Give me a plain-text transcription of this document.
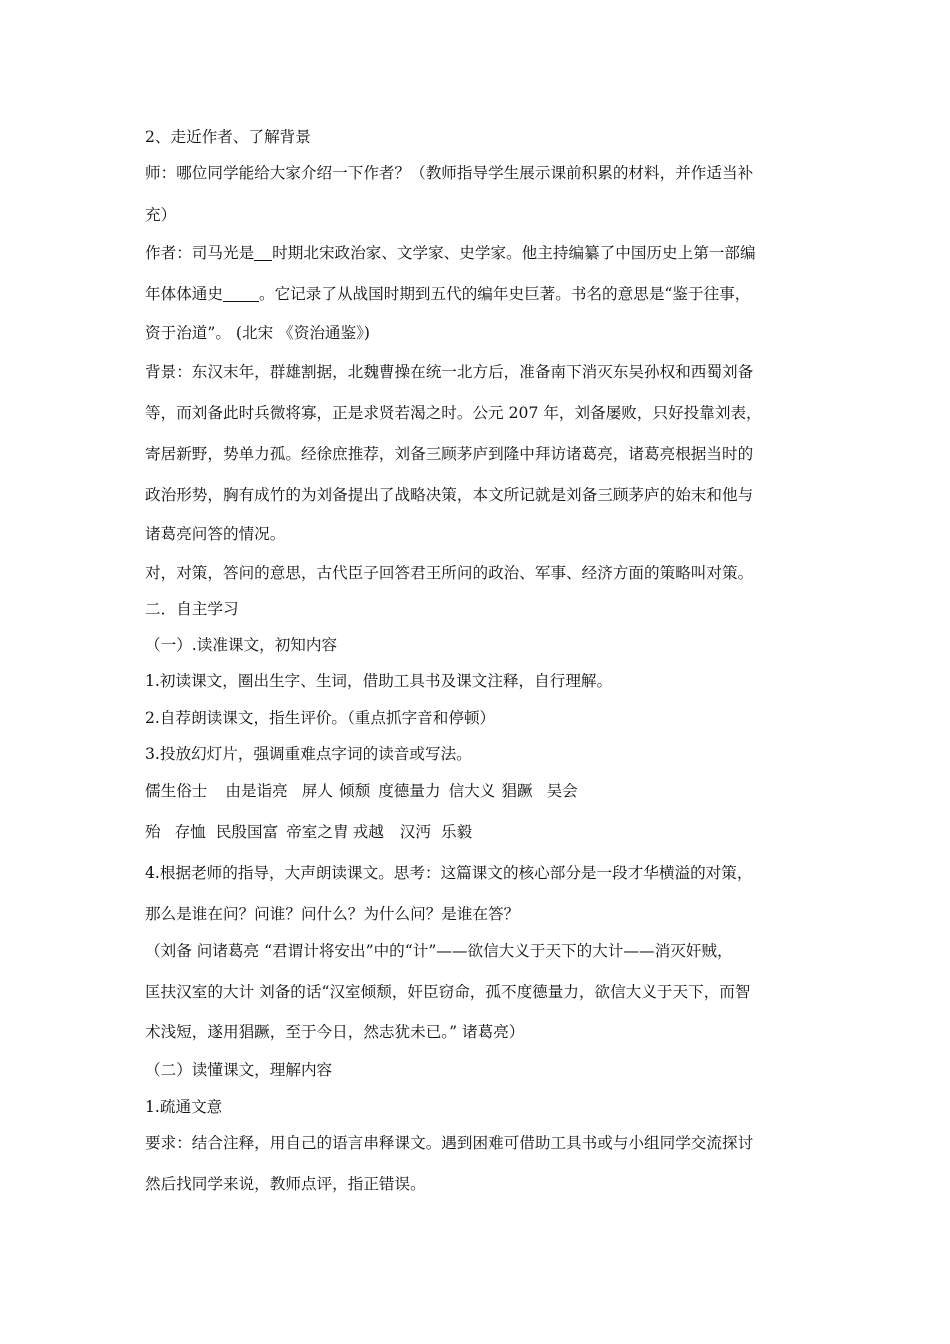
2、走近作者、了解背景
师：哪位同学能给大家介绍一下作者？（教师指导学生展示课前积累的材料，并作适当补
充）
作者：司马光是 时期北宋政治家、文学家、史学家。他主持编纂了中国历史上第一部编
年体体通史 。它记录了从战国时期到五代的编年史巨著。书名的意思是“鉴于往事，
资于治道”。 (北宋 《资治通鉴》)
背景：东汉末年，群雄割据，北魏曹操在统一北方后，准备南下消灭东吴孙权和西蜀刘备
等，而刘备此时兵微将寡，正是求贤若渴之时。公元 207 年，刘备屡败，只好投靠刘表，
寄居新野，势单力孤。经徐庶推荐，刘备三顾茅庐到隆中拜访诸葛亮，诸葛亮根据当时的
政治形势，胸有成竹的为刘备提出了战略决策，本文所记就是刘备三顾茅庐的始末和他与
诸葛亮问答的情况。
对，对策，答问的意思，古代臣子回答君王所问的政治、军事、经济方面的策略叫对策。
二．自主学习
（一）.读准课文，初知内容
1.初读课文，圈出生字、生词，借助工具书及课文注释，自行理解。
2.自荐朗读课文，指生评价。（重点抓字音和停顿）
3.投放幻灯片，强调重难点字词的读音或写法。
儒生俗士 由是诣亮 屏人 倾颓 度德量力 信大义 猖蹶 吴会
殆 存恤 民殷国富 帝室之胄 戎越 汉沔 乐毅
4.根据老师的指导，大声朗读课文。思考：这篇课文的核心部分是一段才华横溢的对策，
那么是谁在问？问谁？问什么？为什么问？是谁在答？
（刘备 问诸葛亮 “君谓计将安出”中的“计”——欲信大义于天下的大计——消灭奸贼，
匡扶汉室的大计 刘备的话“汉室倾颓，奸臣窃命，孤不度德量力，欲信大义于天下，而智
术浅短，遂用猖蹶，至于今日，然志犹未已。” 诸葛亮）
（二）读懂课文，理解内容
1.疏通文意
要求：结合注释，用自己的语言串释课文。遇到困难可借助工具书或与小组同学交流探讨
然后找同学来说，教师点评，指正错误。
